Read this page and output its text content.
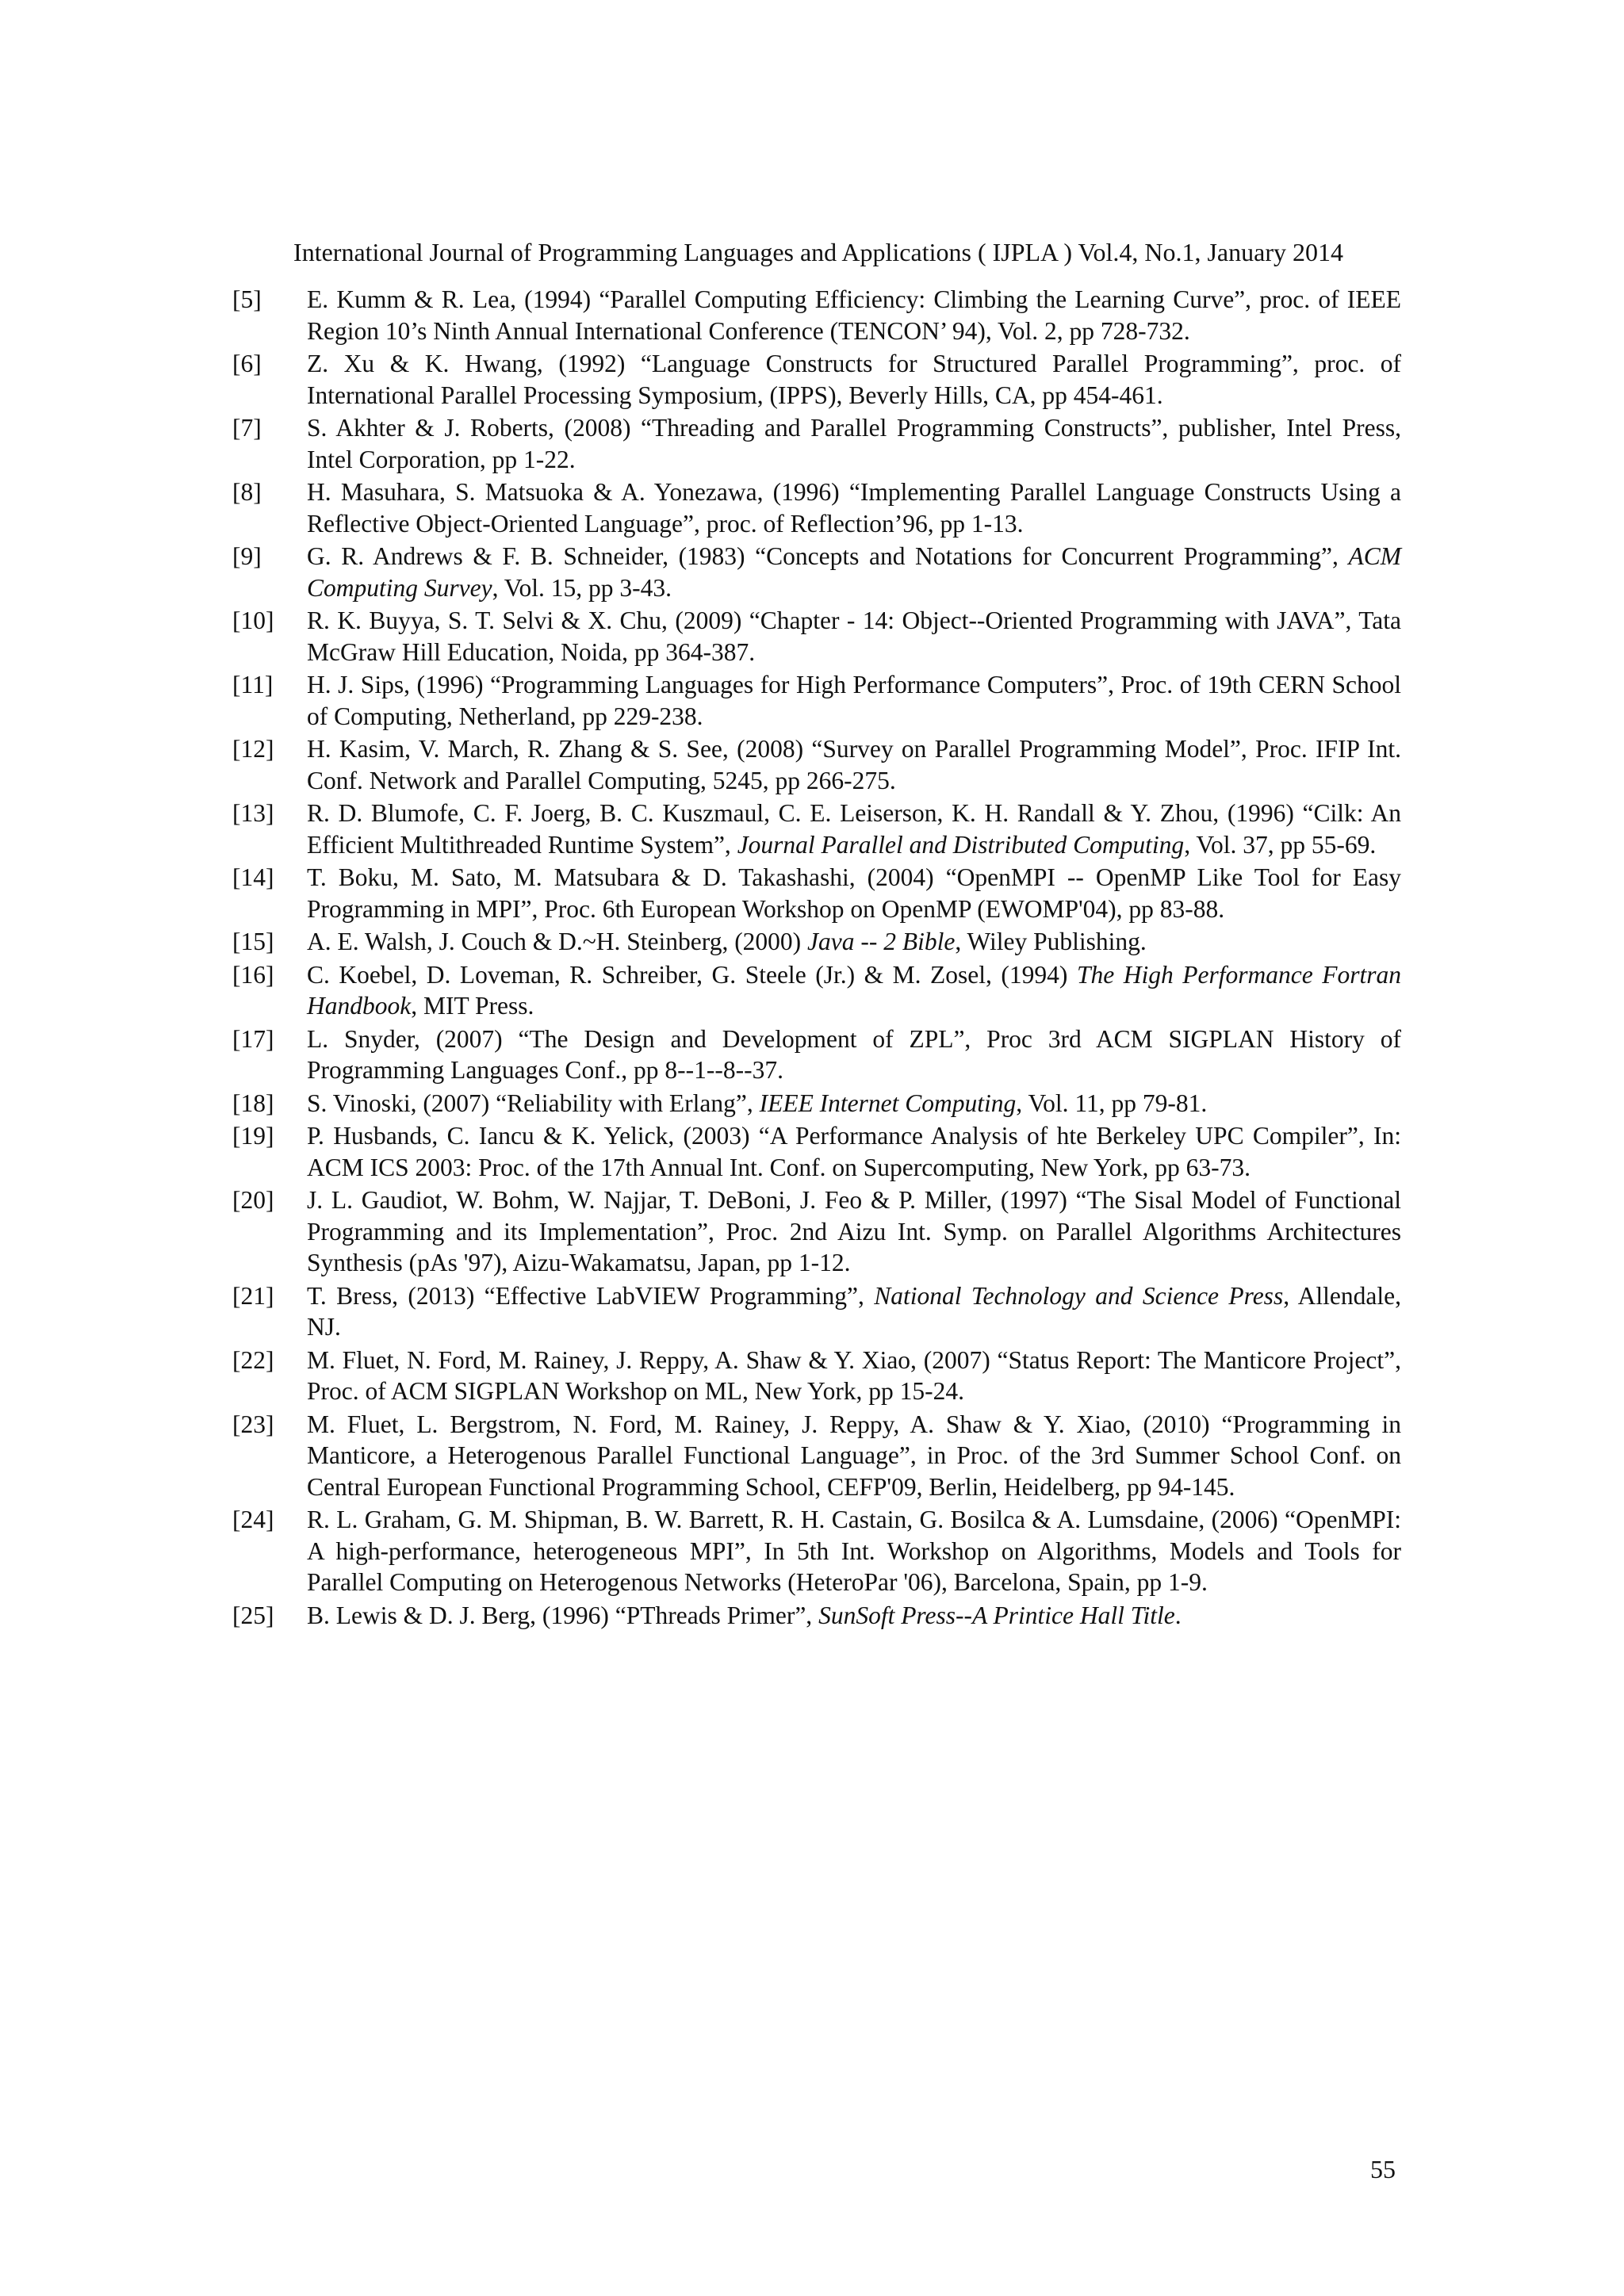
International Journal of Programming Languages and Applications ( IJPLA ) Vol.4, No.1, January 2014
[5]	E. Kumm & R. Lea, (1994) “Parallel Computing Efficiency: Climbing the Learning Curve”, proc. of IEEE Region 10’s Ninth Annual International Conference (TENCON’ 94), Vol. 2, pp 728-732.
[6]	Z. Xu & K. Hwang, (1992) “Language Constructs for Structured Parallel Programming”, proc. of International Parallel Processing Symposium, (IPPS), Beverly Hills, CA, pp 454-461.
[7]	S. Akhter & J. Roberts, (2008) “Threading and Parallel Programming Constructs”, publisher, Intel Press, Intel Corporation, pp 1-22.
[8]	H. Masuhara, S. Matsuoka & A. Yonezawa, (1996) “Implementing Parallel Language Constructs Using a Reflective Object-Oriented Language”, proc. of Reflection’96, pp 1-13.
[9]	G. R. Andrews & F. B. Schneider, (1983) “Concepts and Notations for Concurrent Programming”, ACM Computing Survey, Vol. 15, pp 3-43.
[10]	R. K. Buyya, S. T. Selvi & X. Chu, (2009) “Chapter - 14: Object--Oriented Programming with JAVA”, Tata McGraw Hill Education, Noida, pp 364-387.
[11]	H. J. Sips, (1996) “Programming Languages for High Performance Computers”, Proc. of 19th CERN School of Computing, Netherland, pp 229-238.
[12]	H. Kasim, V. March, R. Zhang & S. See, (2008) “Survey on Parallel Programming Model”, Proc. IFIP Int. Conf. Network and Parallel Computing, 5245, pp 266-275.
[13]	R. D. Blumofe, C. F. Joerg, B. C. Kuszmaul, C. E. Leiserson, K. H. Randall & Y. Zhou, (1996) “Cilk: An Efficient Multithreaded Runtime System”, Journal Parallel and Distributed Computing, Vol. 37, pp 55-69.
[14]	T. Boku, M. Sato, M. Matsubara & D. Takashashi, (2004) “OpenMPI -- OpenMP Like Tool for Easy Programming in MPI”, Proc. 6th European Workshop on OpenMP (EWOMP'04), pp 83-88.
[15]	A. E. Walsh, J. Couch & D.~H. Steinberg, (2000) Java -- 2 Bible, Wiley Publishing.
[16]	C. Koebel, D. Loveman, R. Schreiber, G. Steele (Jr.) & M. Zosel, (1994) The High Performance Fortran Handbook, MIT Press.
[17]	L. Snyder, (2007) “The Design and Development of ZPL”, Proc 3rd ACM SIGPLAN History of Programming Languages Conf., pp 8--1--8--37.
[18]	S. Vinoski, (2007) “Reliability with Erlang”, IEEE Internet Computing, Vol. 11, pp 79-81.
[19]	P. Husbands, C. Iancu & K. Yelick, (2003) “A Performance Analysis of hte Berkeley UPC Compiler”, In: ACM ICS 2003: Proc. of the 17th Annual Int. Conf. on Supercomputing, New York, pp 63-73.
[20]	J. L. Gaudiot, W. Bohm, W. Najjar, T. DeBoni, J. Feo & P. Miller, (1997) “The Sisal Model of Functional Programming and its Implementation”, Proc. 2nd Aizu Int. Symp. on Parallel Algorithms Architectures Synthesis (pAs '97), Aizu-Wakamatsu, Japan, pp 1-12.
[21]	T. Bress, (2013) “Effective LabVIEW Programming”, National Technology and Science Press, Allendale, NJ.
[22]	M. Fluet, N. Ford, M. Rainey, J. Reppy, A. Shaw & Y. Xiao, (2007) “Status Report: The Manticore Project”, Proc. of ACM SIGPLAN Workshop on ML, New York, pp 15-24.
[23]	M. Fluet, L. Bergstrom, N. Ford, M. Rainey, J. Reppy, A. Shaw & Y. Xiao, (2010) “Programming in Manticore, a Heterogenous Parallel Functional Language”, in Proc. of the 3rd Summer School Conf. on Central European Functional Programming School, CEFP'09, Berlin, Heidelberg, pp 94-145.
[24]	R. L. Graham, G. M. Shipman, B. W. Barrett, R. H. Castain, G. Bosilca & A. Lumsdaine, (2006) “OpenMPI: A high-performance, heterogeneous MPI”, In 5th Int. Workshop on Algorithms, Models and Tools for Parallel Computing on Heterogenous Networks (HeteroPar '06), Barcelona, Spain, pp 1-9.
[25]	B. Lewis & D. J. Berg, (1996) “PThreads Primer”, SunSoft Press--A Printice Hall Title.
55
